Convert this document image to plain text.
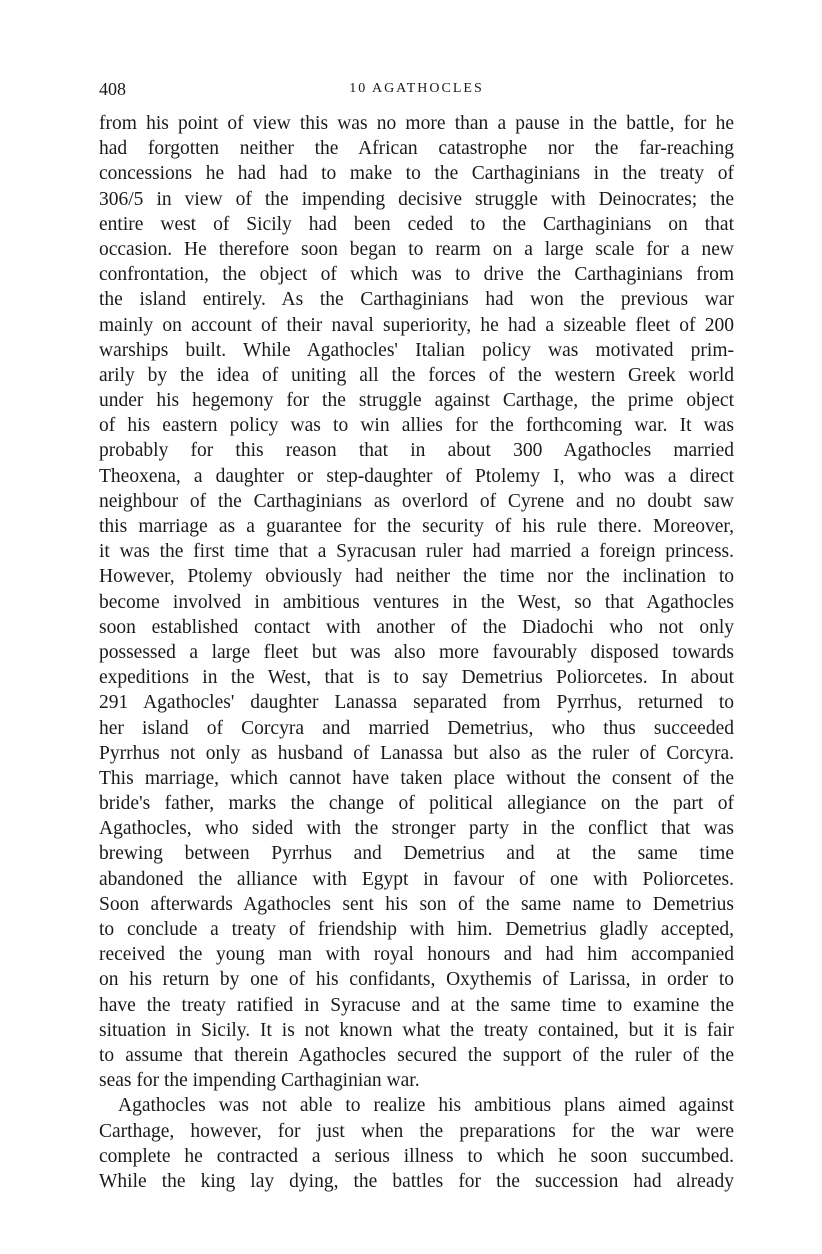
408	10 AGATHOCLES
from his point of view this was no more than a pause in the battle, for he
had forgotten neither the African catastrophe nor the far-reaching
concessions he had had to make to the Carthaginians in the treaty of
306/5 in view of the impending decisive struggle with Deinocrates; the
entire west of Sicily had been ceded to the Carthaginians on that
occasion. He therefore soon began to rearm on a large scale for a new
confrontation, the object of which was to drive the Carthaginians from
the island entirely. As the Carthaginians had won the previous war
mainly on account of their naval superiority, he had a sizeable fleet of 200
warships built. While Agathocles' Italian policy was motivated prim-
arily by the idea of uniting all the forces of the western Greek world
under his hegemony for the struggle against Carthage, the prime object
of his eastern policy was to win allies for the forthcoming war. It was
probably for this reason that in about 300 Agathocles married
Theoxena, a daughter or step-daughter of Ptolemy I, who was a direct
neighbour of the Carthaginians as overlord of Cyrene and no doubt saw
this marriage as a guarantee for the security of his rule there. Moreover,
it was the first time that a Syracusan ruler had married a foreign princess.
However, Ptolemy obviously had neither the time nor the inclination to
become involved in ambitious ventures in the West, so that Agathocles
soon established contact with another of the Diadochi who not only
possessed a large fleet but was also more favourably disposed towards
expeditions in the West, that is to say Demetrius Poliorcetes. In about
291 Agathocles' daughter Lanassa separated from Pyrrhus, returned to
her island of Corcyra and married Demetrius, who thus succeeded
Pyrrhus not only as husband of Lanassa but also as the ruler of Corcyra.
This marriage, which cannot have taken place without the consent of the
bride's father, marks the change of political allegiance on the part of
Agathocles, who sided with the stronger party in the conflict that was
brewing between Pyrrhus and Demetrius and at the same time
abandoned the alliance with Egypt in favour of one with Poliorcetes.
Soon afterwards Agathocles sent his son of the same name to Demetrius
to conclude a treaty of friendship with him. Demetrius gladly accepted,
received the young man with royal honours and had him accompanied
on his return by one of his confidants, Oxythemis of Larissa, in order to
have the treaty ratified in Syracuse and at the same time to examine the
situation in Sicily. It is not known what the treaty contained, but it is fair
to assume that therein Agathocles secured the support of the ruler of the
seas for the impending Carthaginian war.
Agathocles was not able to realize his ambitious plans aimed against
Carthage, however, for just when the preparations for the war were
complete he contracted a serious illness to which he soon succumbed.
While the king lay dying, the battles for the succession had already
